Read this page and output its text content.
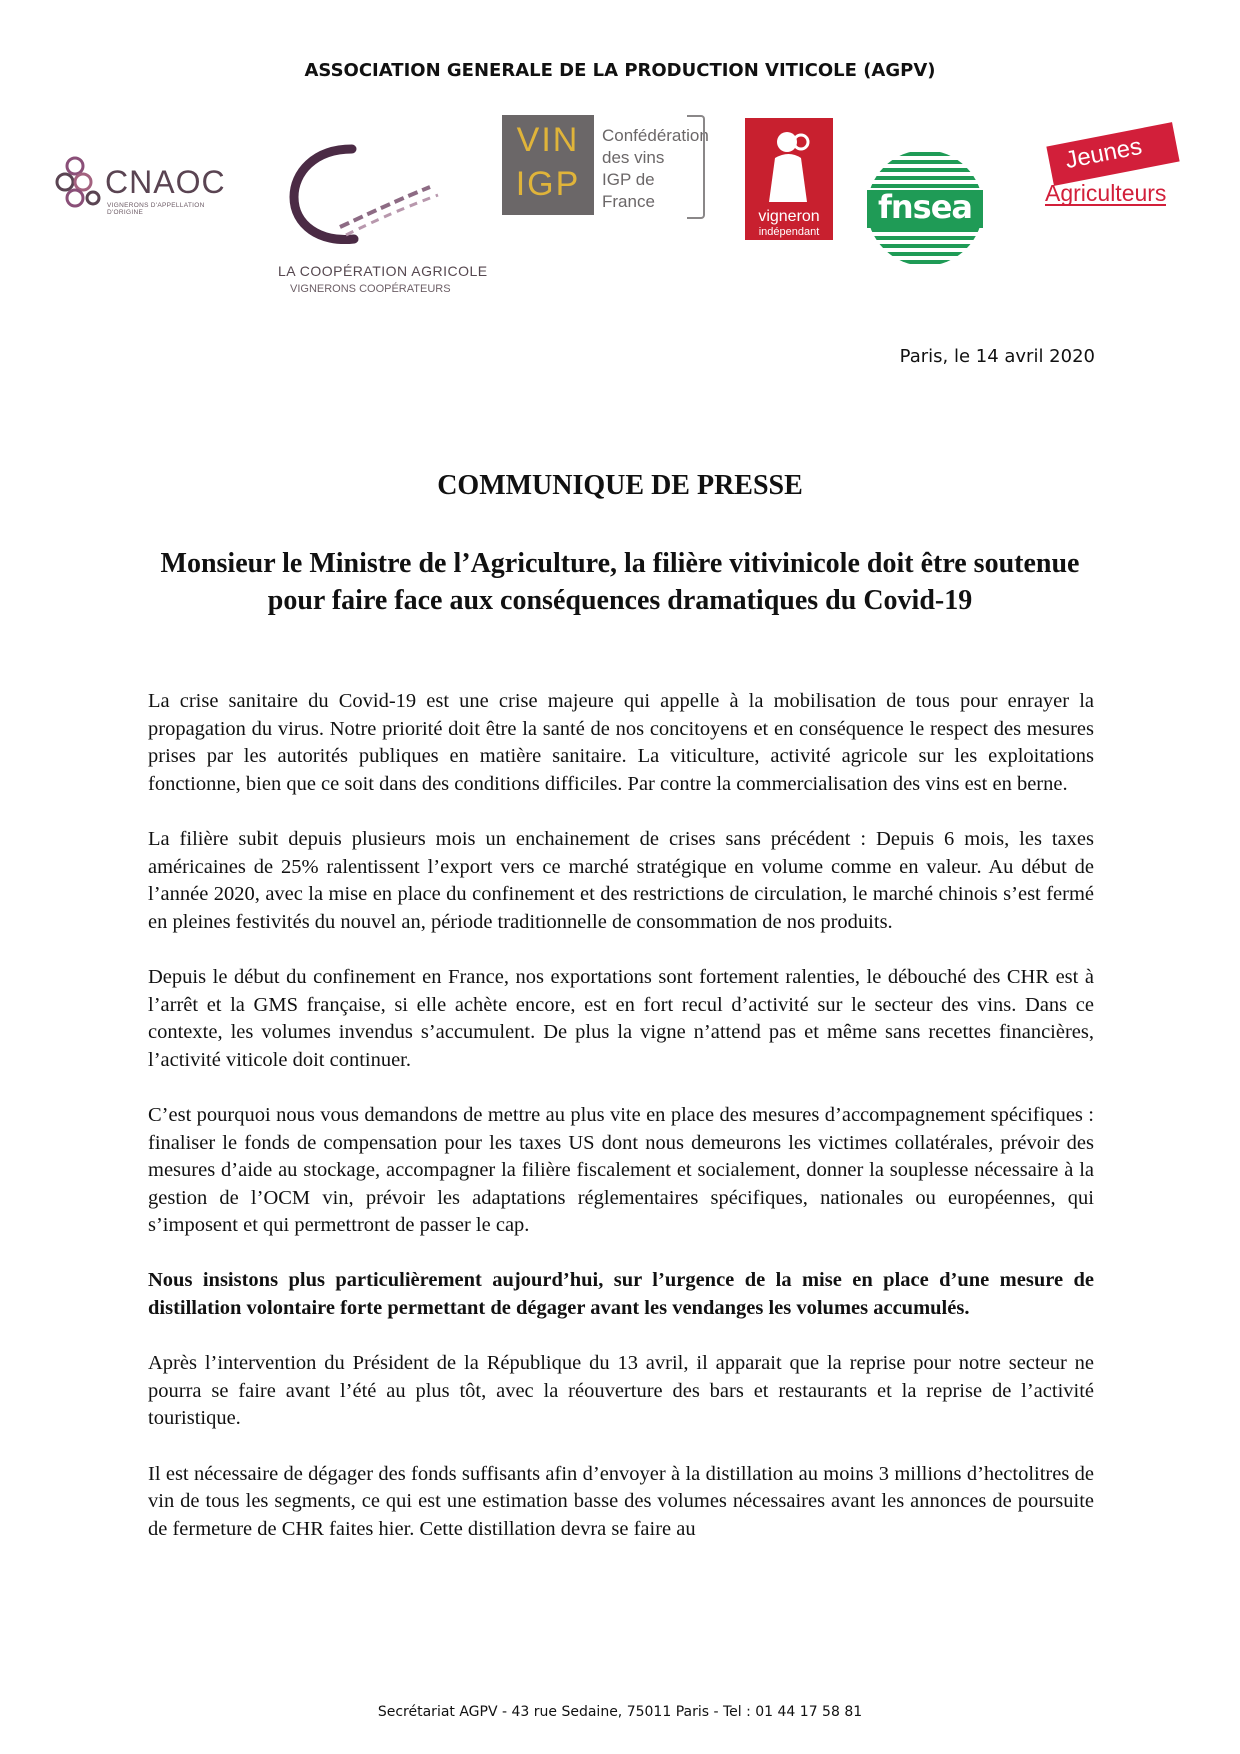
ASSOCIATION GENERALE DE LA PRODUCTION VITICOLE (AGPV)
CNAOC
VIGNERONS D'APPELLATION D'ORIGINE
LA COOPÉRATION AGRICOLE
VIGNERONS COOPÉRATEURS
VIN
IGP
Confédération
des vins
IGP de France
vigneron
indépendant
fnsea
Jeunes
Agriculteurs
Paris, le 14 avril 2020
COMMUNIQUE DE PRESSE
Monsieur le Ministre de l’Agriculture, la filière vitivinicole doit être soutenue pour faire face aux conséquences dramatiques du Covid-19

La crise sanitaire du Covid-19 est une crise majeure qui appelle à la mobilisation de tous pour enrayer la propagation du virus. Notre priorité doit être la santé de nos concitoyens et en conséquence le respect des mesures prises par les autorités publiques en matière sanitaire. La viticulture, activité agricole sur les exploitations fonctionne, bien que ce soit dans des conditions difficiles. Par contre la commercialisation des vins est en berne.

La filière subit depuis plusieurs mois un enchainement de crises sans précédent : Depuis 6 mois, les taxes américaines de 25% ralentissent l’export vers ce marché stratégique en volume comme en valeur. Au début de l’année 2020, avec la mise en place du confinement et des restrictions de circulation, le marché chinois s’est fermé en pleines festivités du nouvel an, période traditionnelle de consommation de nos produits.

Depuis le début du confinement en France, nos exportations sont fortement ralenties, le débouché des CHR est à l’arrêt et la GMS française, si elle achète encore, est en fort recul d’activité sur le secteur des vins. Dans ce contexte, les volumes invendus s’accumulent. De plus la vigne n’attend pas et même sans recettes financières, l’activité viticole doit continuer.

C’est pourquoi nous vous demandons de mettre au plus vite en place des mesures d’accompagnement spécifiques : finaliser le fonds de compensation pour les taxes US dont nous demeurons les victimes collatérales, prévoir des mesures d’aide au stockage, accompagner la filière fiscalement et socialement, donner la souplesse nécessaire à la gestion de l’OCM vin, prévoir les adaptations réglementaires spécifiques, nationales ou européennes, qui s’imposent et qui permettront de passer le cap.

Nous insistons plus particulièrement aujourd’hui, sur l’urgence de la mise en place d’une mesure de distillation volontaire forte permettant de dégager avant les vendanges les volumes accumulés.

Après l’intervention du Président de la République du 13 avril, il apparait que la reprise pour notre secteur ne pourra se faire avant l’été au plus tôt, avec la réouverture des bars et restaurants et la reprise de l’activité touristique.

Il est nécessaire de dégager des fonds suffisants afin d’envoyer à la distillation au moins 3 millions d’hectolitres de vin de tous les segments, ce qui est une estimation basse des volumes nécessaires avant les annonces de poursuite de fermeture de CHR faites hier. Cette distillation devra se faire au

Secrétariat AGPV - 43 rue Sedaine, 75011 Paris - Tel : 01 44 17 58 81
